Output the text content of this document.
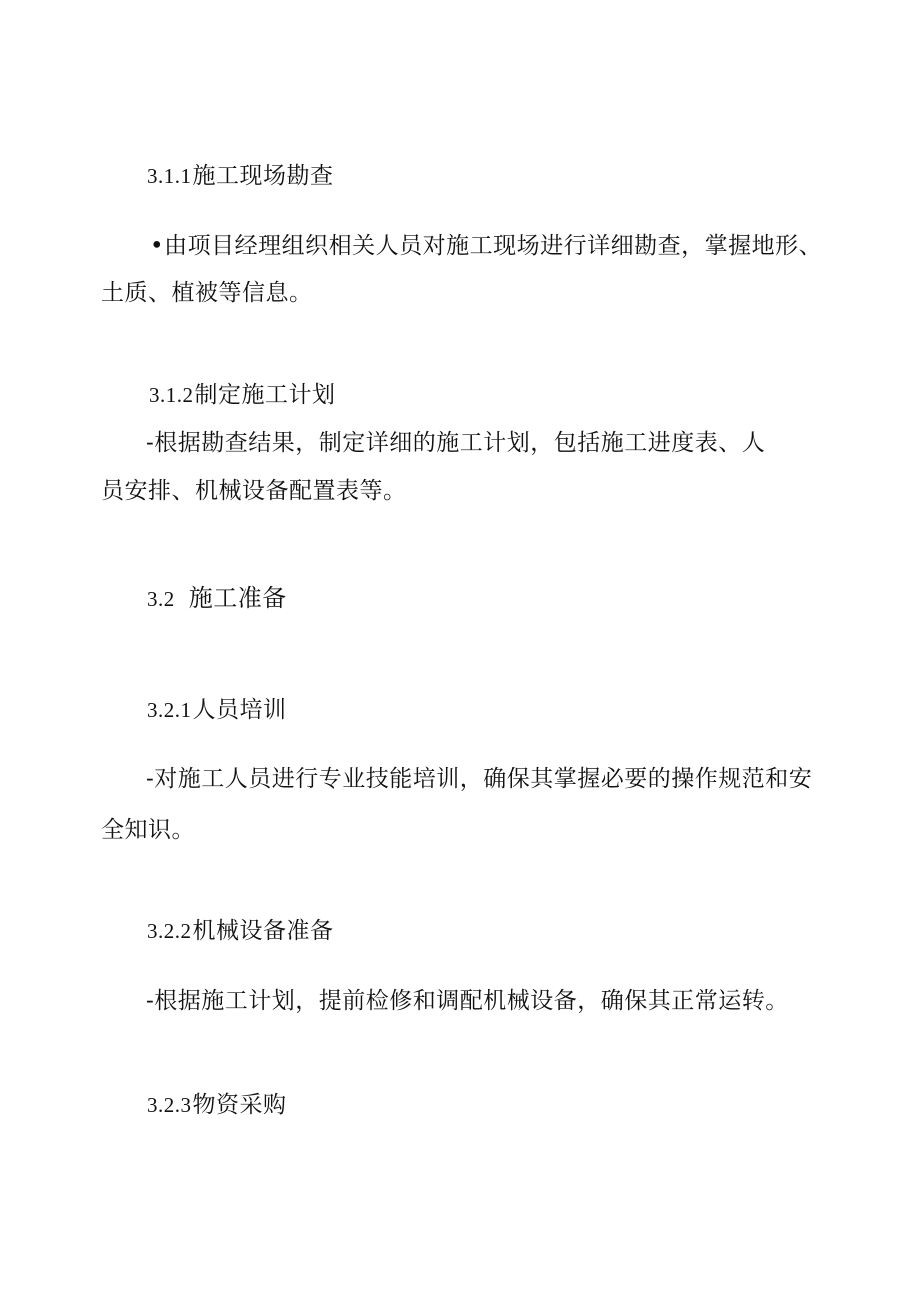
3.1.1施工现场勘查
•由项目经理组织相关人员对施工现场进行详细勘查，掌握地形、
土质、植被等信息。
3.1.2制定施工计划
-根据勘查结果，制定详细的施工计划，包括施工进度表、人
员安排、机械设备配置表等。
3.2 施工准备
3.2.1人员培训
-对施工人员进行专业技能培训，确保其掌握必要的操作规范和安
全知识。
3.2.2机械设备准备
-根据施工计划，提前检修和调配机械设备，确保其正常运转。
3.2.3物资采购
